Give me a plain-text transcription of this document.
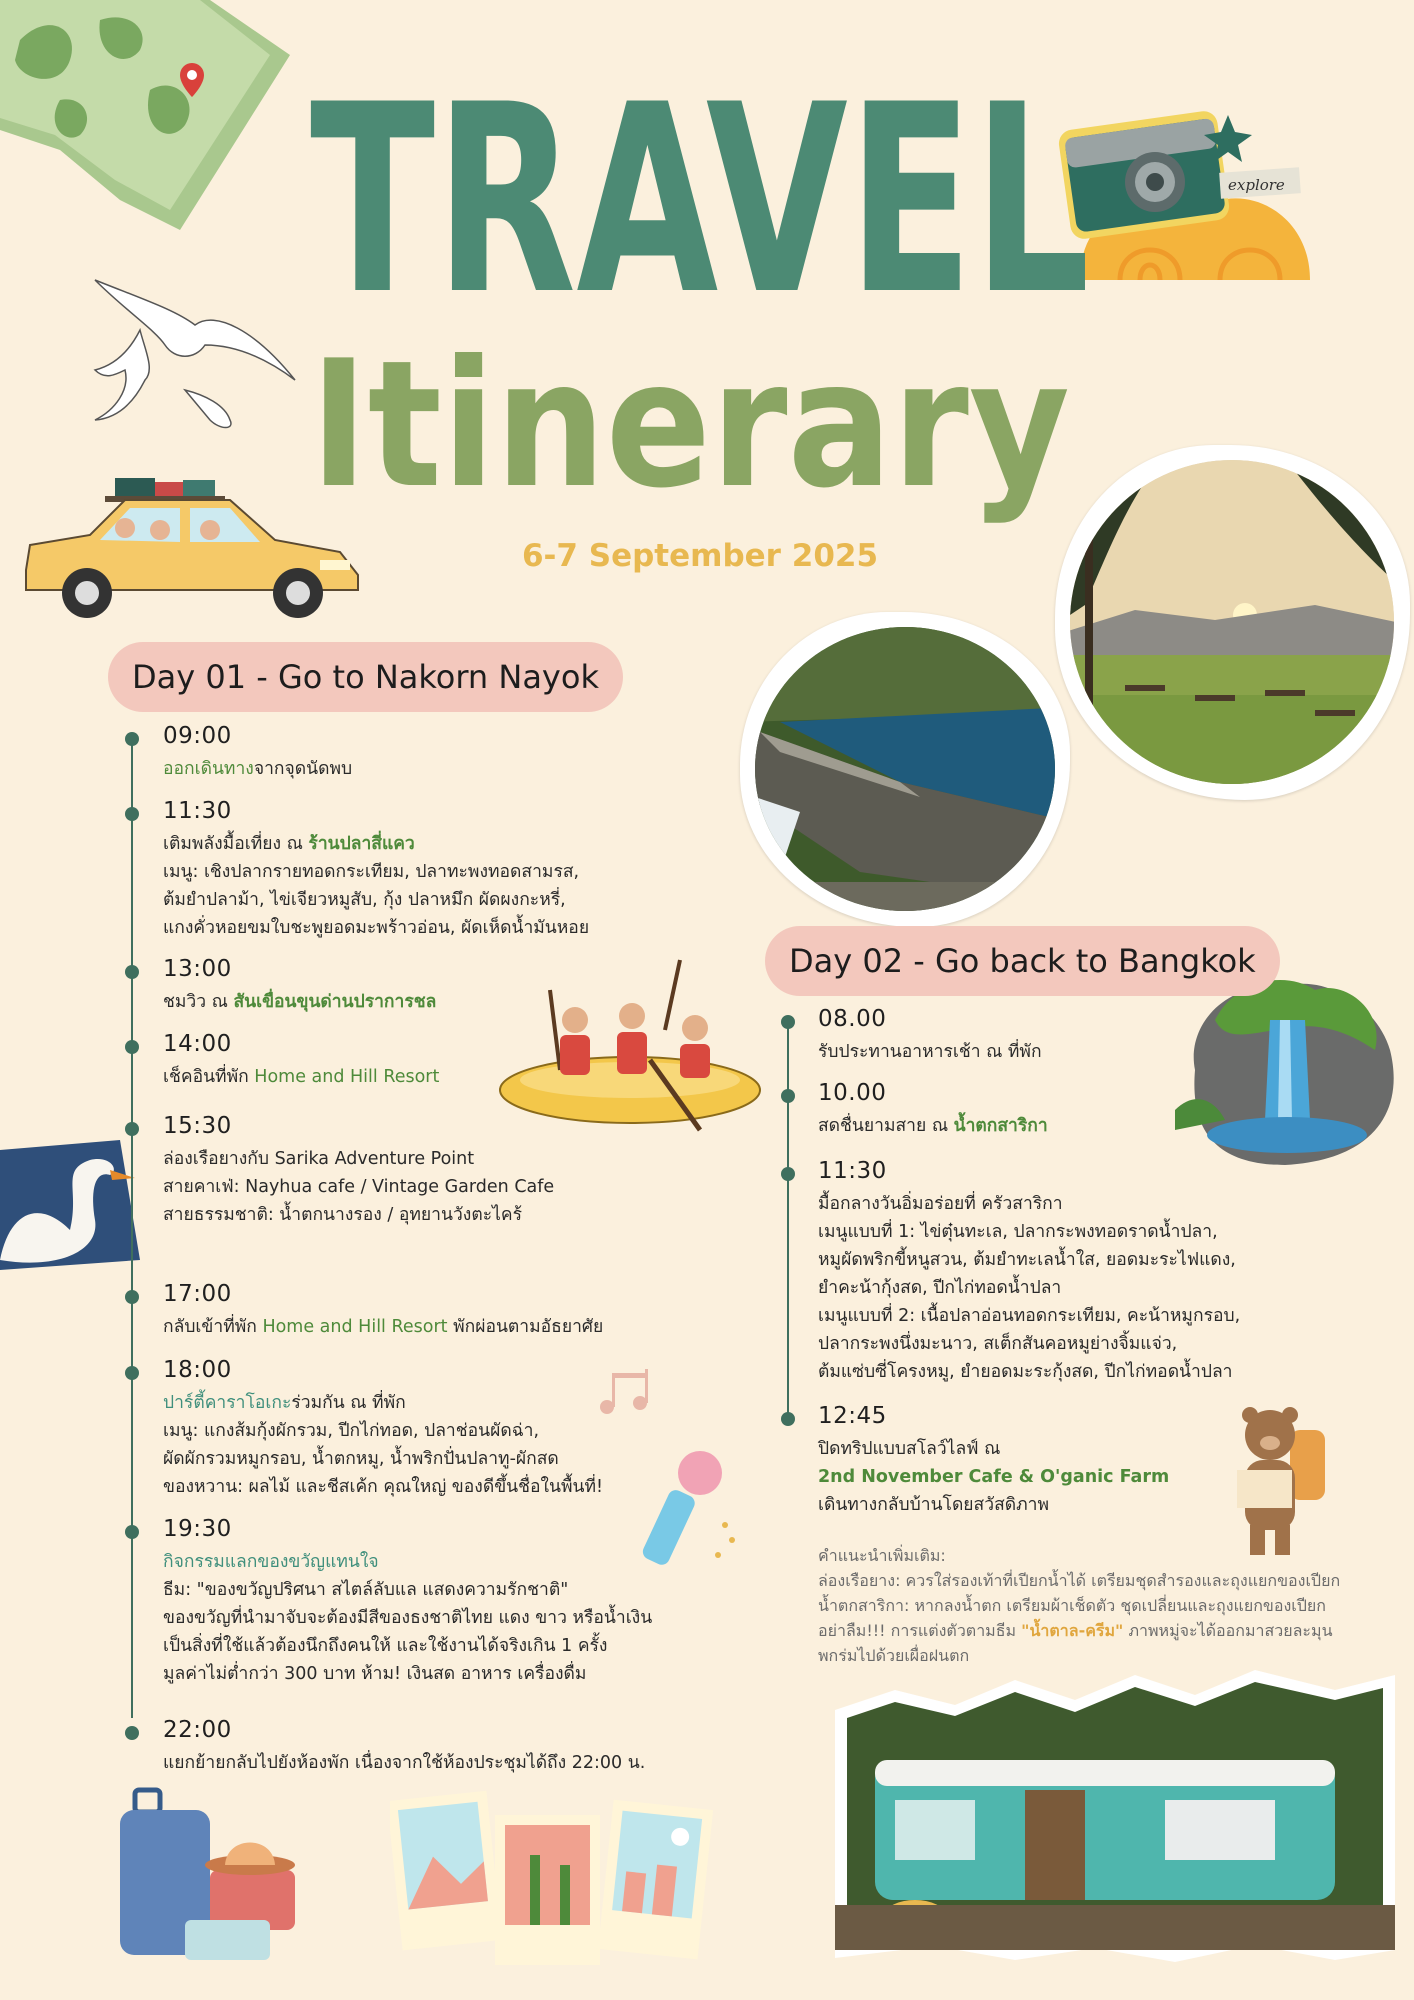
explore
TRAVEL
Itinerary
6-7 September 2025
Day 01 - Go to Nakorn Nayok
09:00
ออกเดินทางจากจุดนัดพบ
11:30
เติมพลังมื้อเที่ยง ณ ร้านปลาสี่แคว
เมนู: เชิงปลากรายทอดกระเทียม, ปลาทะพงทอดสามรส,
ต้มยำปลาม้า, ไข่เจียวหมูสับ, กุ้ง ปลาหมึก ผัดผงกะหรี่,
แกงคั่วหอยขมใบชะพูยอดมะพร้าวอ่อน, ผัดเห็ดน้ำมันหอย
13:00
ชมวิว ณ สันเขื่อนขุนด่านปราการชล
14:00
เช็คอินที่พัก Home and Hill Resort
15:30
ล่องเรือยางกับ Sarika Adventure Point
สายคาเฟ่: Nayhua cafe / Vintage Garden Cafe
สายธรรมชาติ: น้ำตกนางรอง / อุทยานวังตะไคร้
17:00
กลับเข้าที่พัก Home and Hill Resort พักผ่อนตามอัธยาศัย
18:00
ปาร์ตี้คาราโอเกะร่วมกัน ณ ที่พัก
เมนู: แกงส้มกุ้งผักรวม, ปีกไก่ทอด, ปลาช่อนผัดฉ่า,
ผัดผักรวมหมูกรอบ, น้ำตกหมู, น้ำพริกปั่นปลาทู-ผักสด
ของหวาน: ผลไม้ และชีสเค้ก คุณใหญ่ ของดีขึ้นชื่อในพื้นที่!
19:30
กิจกรรมแลกของขวัญแทนใจ
ธีม: "ของขวัญปริศนา สไตล์ลับแล แสดงความรักชาติ"
ของขวัญที่นำมาจับจะต้องมีสีของธงชาติไทย แดง ขาว หรือน้ำเงิน
เป็นสิ่งที่ใช้แล้วต้องนึกถึงคนให้ และใช้งานได้จริงเกิน 1 ครั้ง
มูลค่าไม่ต่ำกว่า 300 บาท ห้าม! เงินสด อาหาร เครื่องดื่ม
22:00
แยกย้ายกลับไปยังห้องพัก เนื่องจากใช้ห้องประชุมได้ถึง 22:00 น.
Day 02 - Go back to Bangkok
08.00
รับประทานอาหารเช้า ณ ที่พัก
10.00
สดชื่นยามสาย ณ น้ำตกสาริกา
11:30
มื้อกลางวันอิ่มอร่อยที่ ครัวสาริกา
เมนูแบบที่ 1: ไข่ตุ๋นทะเล, ปลากระพงทอดราดน้ำปลา,
หมูผัดพริกขี้หนูสวน, ต้มยำทะเลน้ำใส, ยอดมะระไฟแดง,
ยำคะน้ากุ้งสด, ปีกไก่ทอดน้ำปลา
เมนูแบบที่ 2: เนื้อปลาอ่อนทอดกระเทียม, คะน้าหมูกรอบ,
ปลากระพงนึ่งมะนาว, สเต็กสันคอหมูย่างจิ้มแจ่ว,
ต้มแซ่บซี่โครงหมู, ยำยอดมะระกุ้งสด, ปีกไก่ทอดน้ำปลา
12:45
ปิดทริปแบบสโลว์ไลฟ์ ณ
2nd November Cafe & O'ganic Farm
เดินทางกลับบ้านโดยสวัสดิภาพ
คำแนะนำเพิ่มเติม:
ล่องเรือยาง: ควรใส่รองเท้าที่เปียกน้ำได้ เตรียมชุดสำรองและถุงแยกของเปียก
น้ำตกสาริกา: หากลงน้ำตก เตรียมผ้าเช็ดตัว ชุดเปลี่ยนและถุงแยกของเปียก
อย่าลืม!!! การแต่งตัวตามธีม "น้ำตาล-ครีม" ภาพหมู่จะได้ออกมาสวยละมุน
พกร่มไปด้วยเผื่อฝนตก
